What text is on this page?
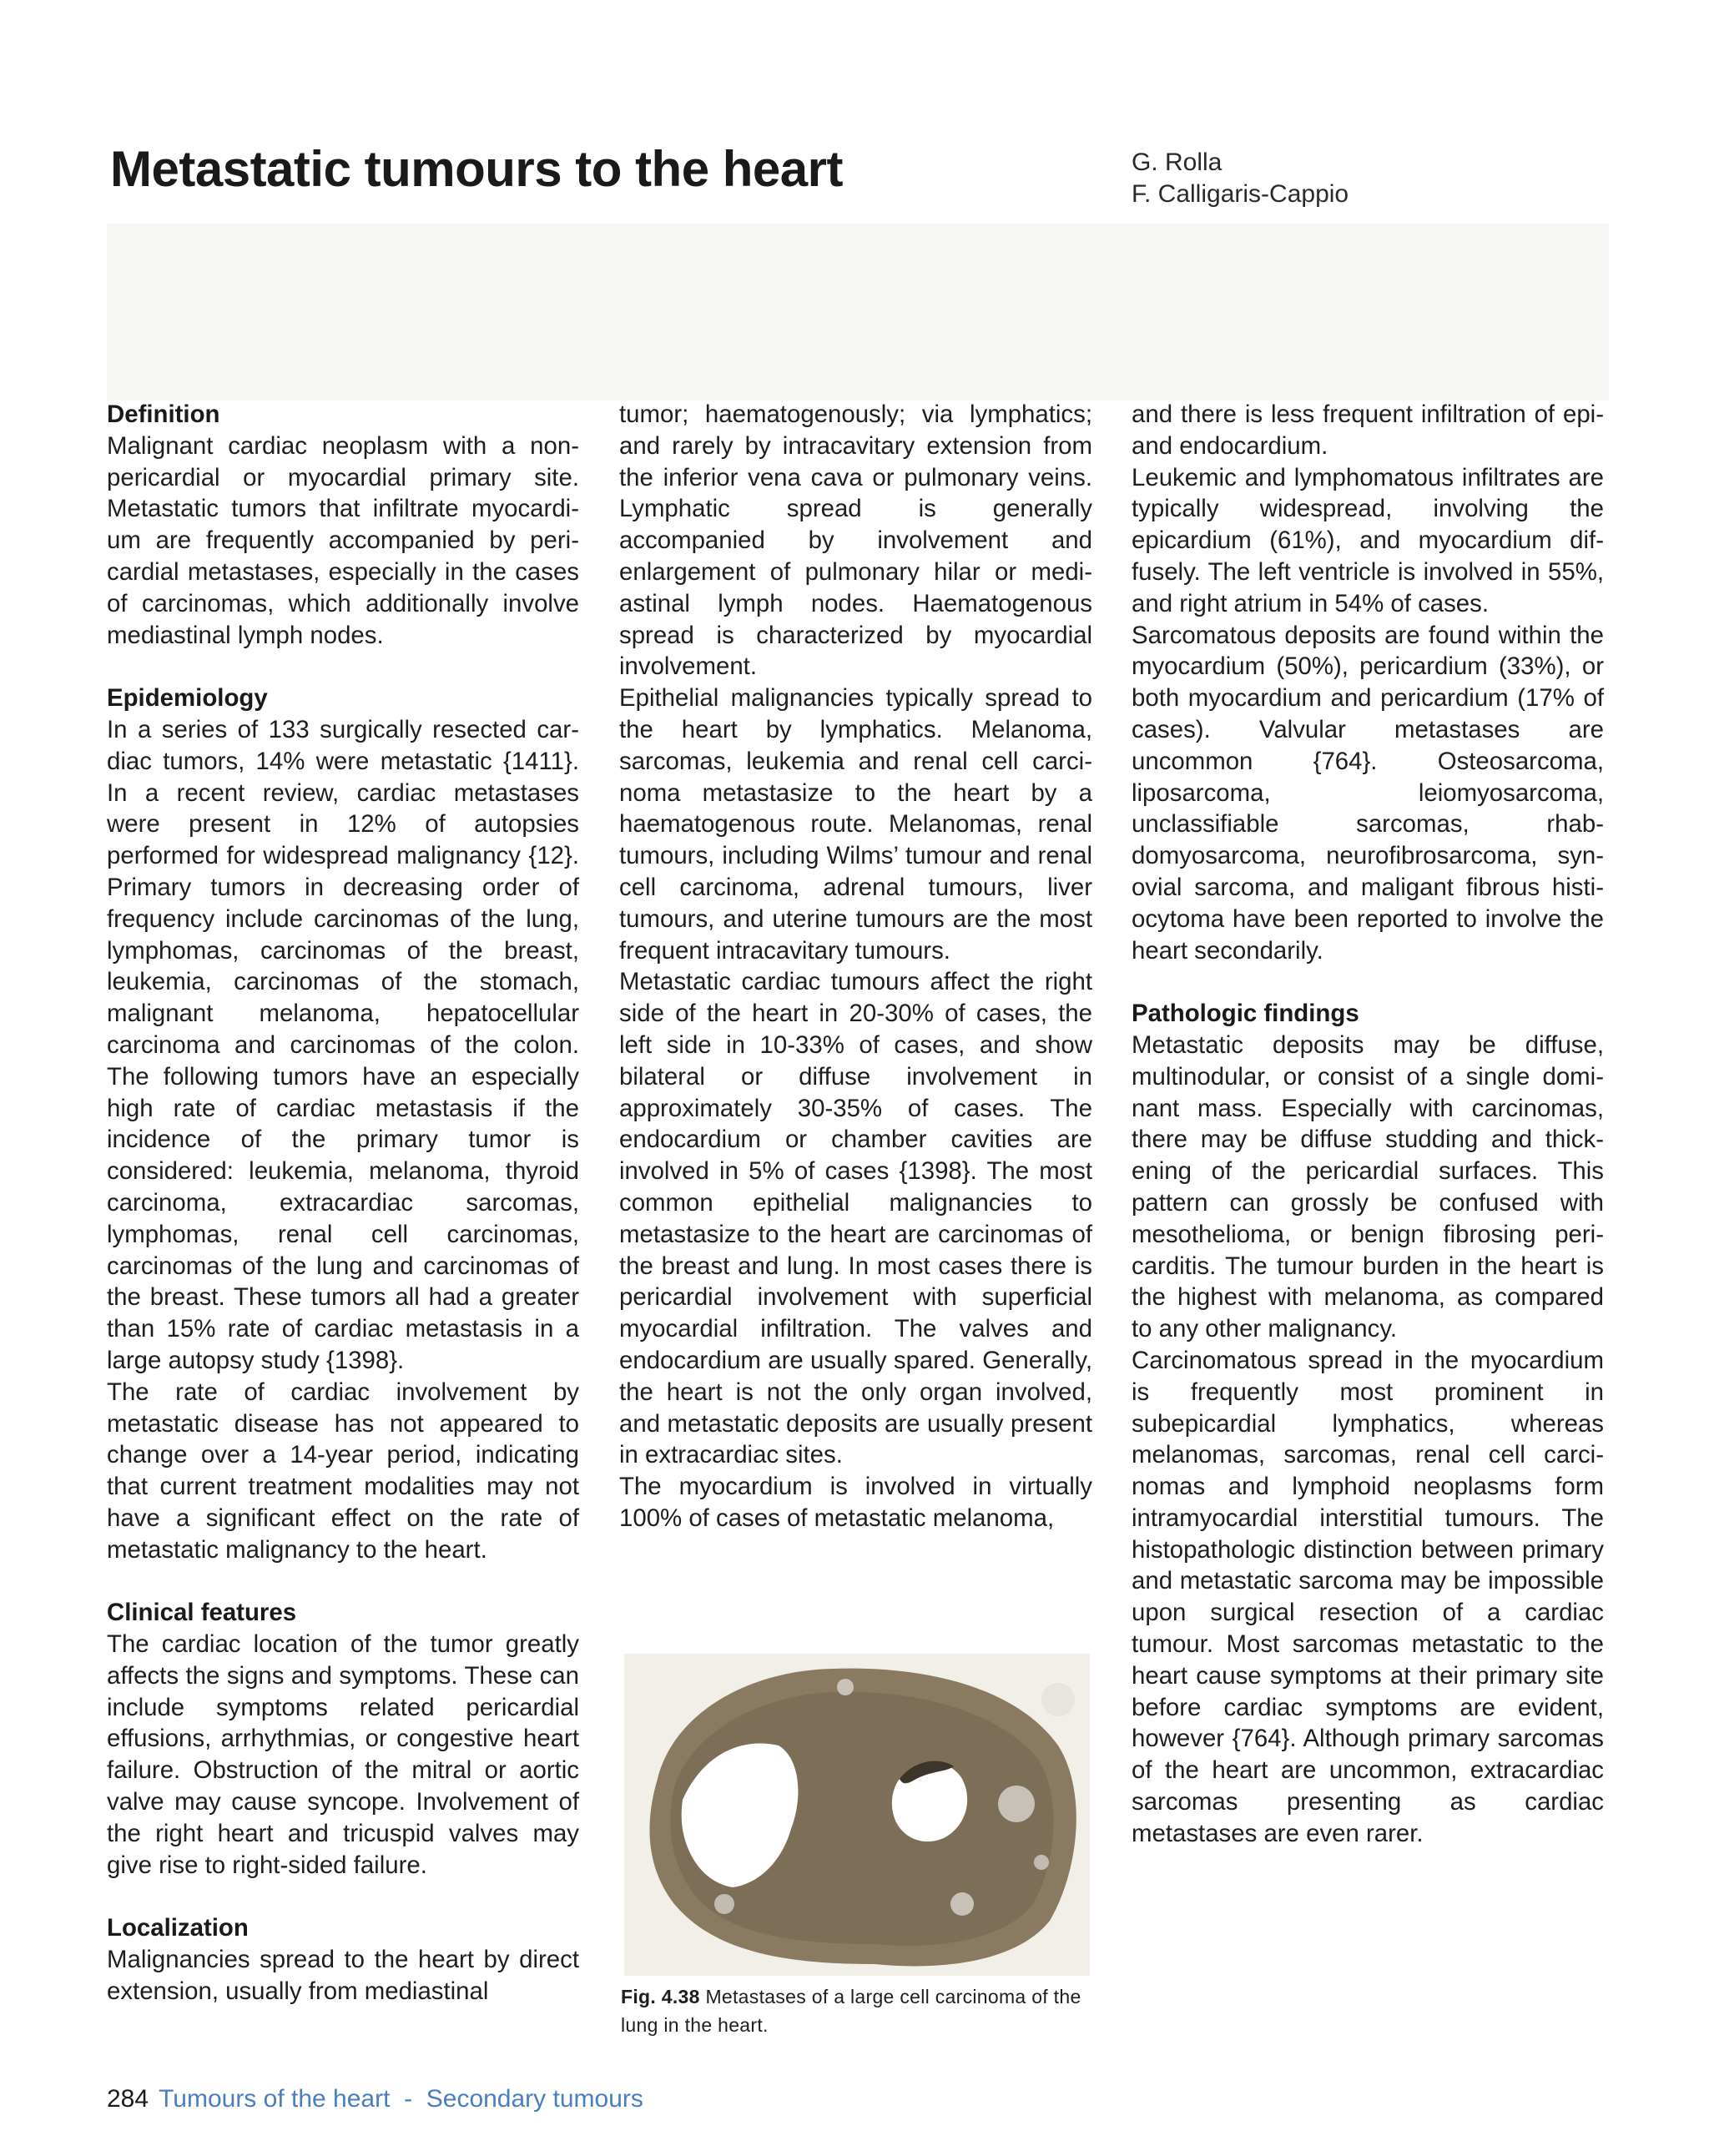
Metastatic tumours to the heart	G. Rolla
F. Calligaris-Cappio
Definition

Malignant cardiac neoplasm with a non-pericardial or myocardial primary site. Metastatic tumors that infiltrate myocardium are frequently accompanied by pericardial metastases, especially in the cases of carcinomas, which additionally involve mediastinal lymph nodes.

Epidemiology

In a series of 133 surgically resected cardiac tumors, 14% were metastatic {1411}. In a recent review, cardiac metastases were present in 12% of autopsies performed for widespread malignancy {12}. Primary tumors in decreasing order of frequency include carcinomas of the lung, lymphomas, carcinomas of the breast, leukemia, carcinomas of the stomach, malignant melanoma, hepatocellular carcinoma and carcinomas of the colon. The following tumors have an especially high rate of cardiac metastasis if the incidence of the primary tumor is considered: leukemia, melanoma, thyroid carcinoma, extracardiac sarcomas, lymphomas, renal cell carcinomas, carcinomas of the lung and carcinomas of the breast. These tumors all had a greater than 15% rate of cardiac metastasis in a large autopsy study {1398}.

The rate of cardiac involvement by metastatic disease has not appeared to change over a 14-year period, indicating that current treatment modalities may not have a significant effect on the rate of metastatic malignancy to the heart.

Clinical features

The cardiac location of the tumor greatly affects the signs and symptoms. These can include symptoms related pericardial effusions, arrhythmias, or congestive heart failure. Obstruction of the mitral or aortic valve may cause syncope. Involvement of the right heart and tricuspid valves may give rise to right-sided failure.

Localization

Malignancies spread to the heart by direct extension, usually from mediastinal

tumor; haematogenously; via lymphatics; and rarely by intracavitary extension from the inferior vena cava or pulmonary veins. Lymphatic spread is generally accompanied by involvement and enlargement of pulmonary hilar or mediastinal lymph nodes. Haematogenous spread is characterized by myocardial involvement.

Epithelial malignancies typically spread to the heart by lymphatics. Melanoma, sarcomas, leukemia and renal cell carcinoma metastasize to the heart by a haematogenous route. Melanomas, renal tumours, including Wilms’ tumour and renal cell carcinoma, adrenal tumours, liver tumours, and uterine tumours are the most frequent intracavitary tumours.

Metastatic cardiac tumours affect the right side of the heart in 20-30% of cases, the left side in 10-33% of cases, and show bilateral or diffuse involvement in approximately 30-35% of cases. The endocardium or chamber cavities are involved in 5% of cases {1398}. The most common epithelial malignancies to metastasize to the heart are carcinomas of the breast and lung. In most cases there is pericardial involvement with superficial myocardial infiltration. The valves and endocardium are usually spared. Generally, the heart is not the only organ involved, and metastatic deposits are usually present in extracardiac sites.

The myocardium is involved in virtually 100% of cases of metastatic melanoma,

and there is less frequent infiltration of epi- and endocardium.

Leukemic and lymphomatous infiltrates are typically widespread, involving the epicardium (61%), and myocardium diffusely. The left ventricle is involved in 55%, and right atrium in 54% of cases.

Sarcomatous deposits are found within the myocardium (50%), pericardium (33%), or both myocardium and pericardium (17% of cases). Valvular metastases are uncommon {764}. Osteosarcoma, liposarcoma, leiomyosarcoma, unclassifiable sarcomas, rhabdomyosarcoma, neurofibrosarcoma, synovial sarcoma, and maligant fibrous histiocytoma have been reported to involve the heart secondarily.

Pathologic findings

Metastatic deposits may be diffuse, multinodular, or consist of a single dominant mass. Especially with carcinomas, there may be diffuse studding and thickening of the pericardial surfaces. This pattern can grossly be confused with mesothelioma, or benign fibrosing pericarditis. The tumour burden in the heart is the highest with melanoma, as compared to any other malignancy.

Carcinomatous spread in the myocardium is frequently most prominent in subepicardial lymphatics, whereas melanomas, sarcomas, renal cell carcinomas and lymphoid neoplasms form intramyocardial interstitial tumours. The histopathologic distinction between primary and metastatic sarcoma may be impossible upon surgical resection of a cardiac tumour. Most sarcomas metastatic to the heart cause symptoms at their primary site before cardiac symptoms are evident, however {764}. Although primary sarcomas of the heart are uncommon, extracardiac sarcomas presenting as cardiac metastases are even rarer.

Fig. 4.38 Metastases of a large cell carcinoma of the lung in the heart.
284 Tumours of the heart  -  Secondary tumours
